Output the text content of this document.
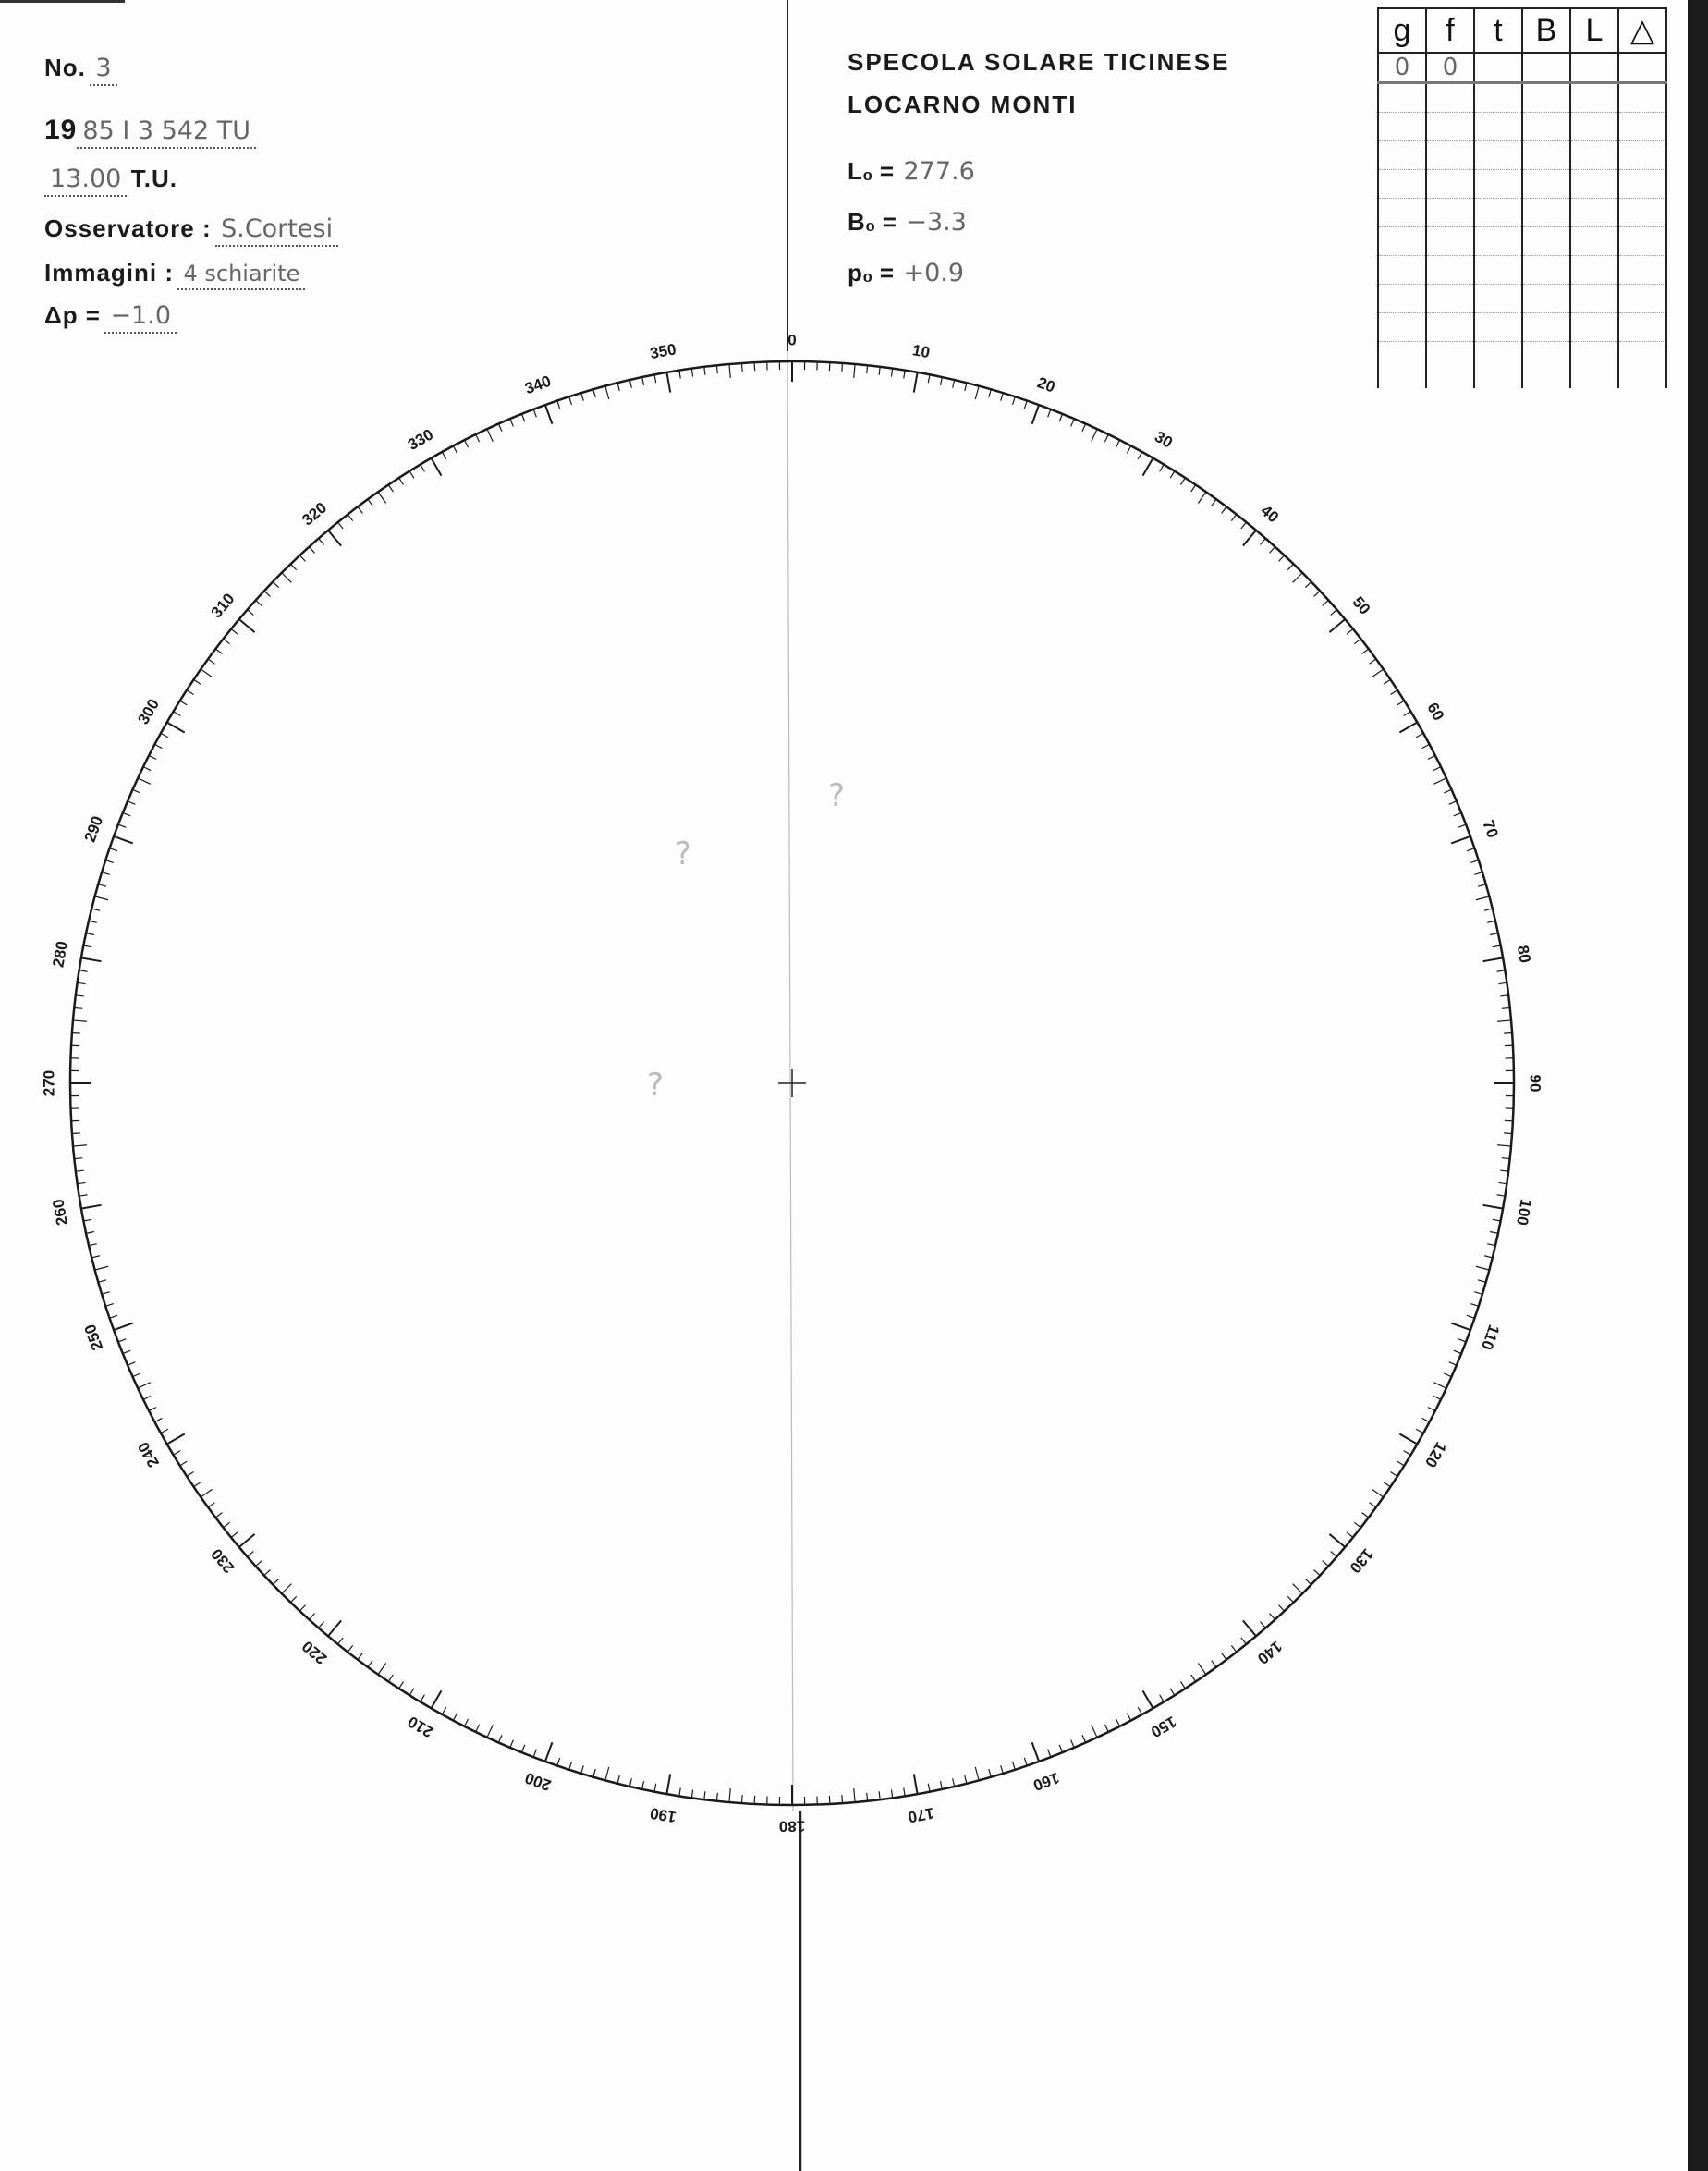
No. 3
19 85 I 3 542 TU
13.00 T.U.
Osservatore : S.Cortesi
Immagini : 4 schiarite
Δp = −1.0
SPECOLA SOLARE TICINESE
LOCARNO MONTI
L₀ = 277.6
B₀ = −3.3
p₀ = +0.9
g	f	t	B	L	△
0	0				

0
10
20
30
40
50
60
70
80
90
100
110
120
130
140
150
160
170
180
190
200
210
220
230
240
250
260
270
280
290
300
310
320
330
340
350
?
?
?
